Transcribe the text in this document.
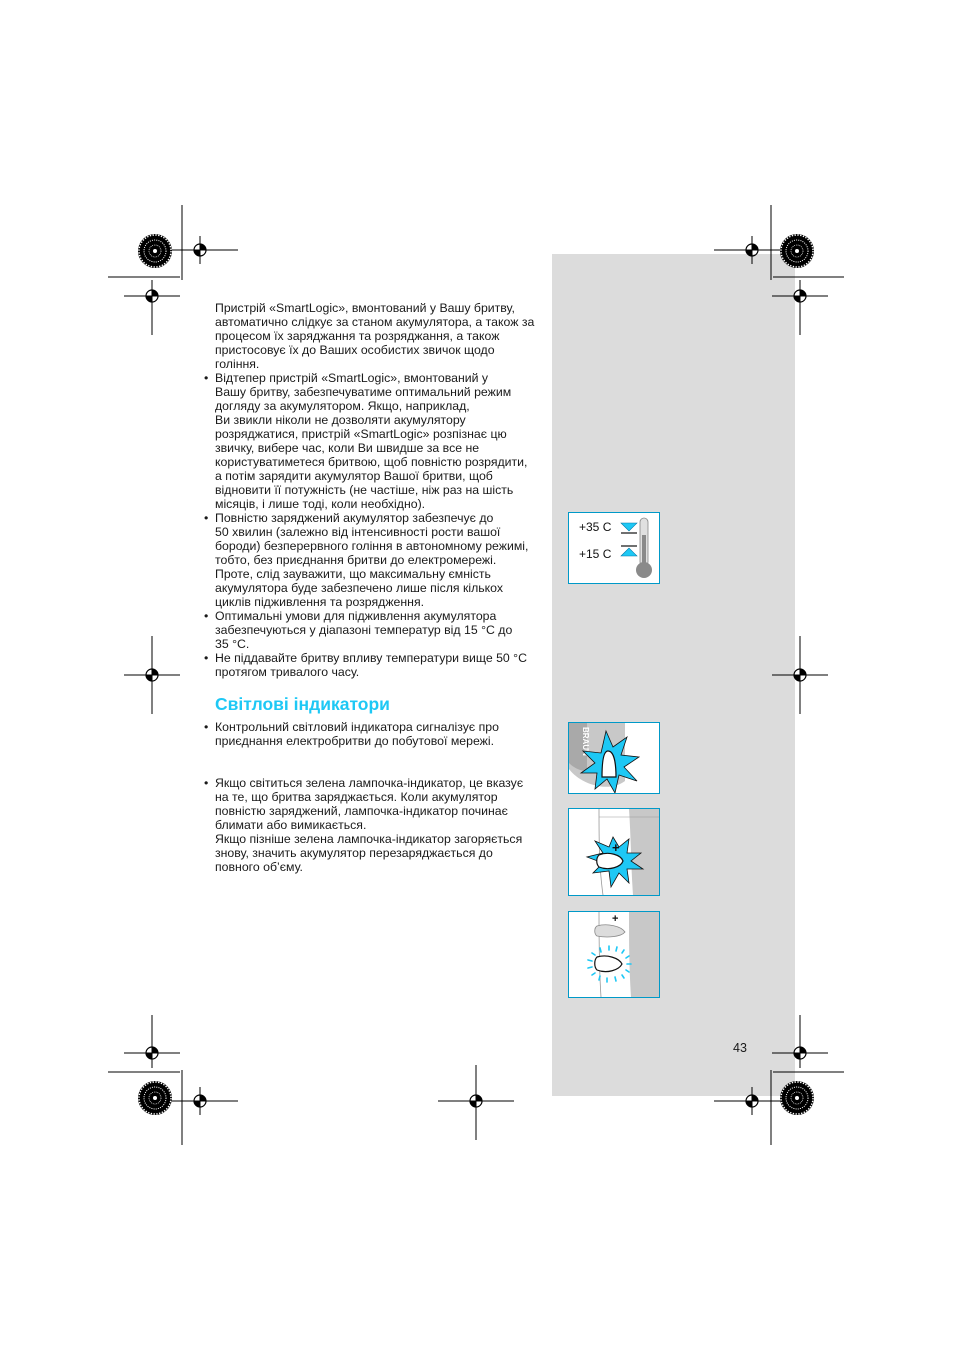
Пристрій «SmartLogic», вмонтований у Вашу бритву, автоматично слідкує за станом акумулятора, а також за процесом їх заряджання та розряджання, а також пристосовує їх до Ваших особистих звичок щодо гоління.

• Відтепер пристрій «SmartLogic», вмонтований у
Вашу бритву, забезпечуватиме оптимальний режим
догляду за акумулятором. Якщо, наприклад,
Ви звикли ніколи не дозволяти акумулятору
розряджатися, пристрій «SmartLogic» розпізнає цю
звичку, вибере час, коли Ви швидше за все не
користуватиметеся бритвою, щоб повністю розрядити,
а потім зарядити акумулятор Вашої бритви, щоб
відновити її потужність (не частіше, ніж раз на шість
місяців, і лише тоді, коли необхідно).
• Повністю заряджений акумулятор забезпечує до
50 хвилин (залежно від інтенсивності рости вашої
бороди) безперервного гоління в автономному режимі,
тобто, без приєднання бритви до електромережі.
Проте, слід зауважити, що максимальну ємність
акумулятора буде забезпечено лише після кількох
циклів підживлення та розрядження.
• Оптимальні умови для підживлення акумулятора
забезпечуються у діапазоні температур від 15 °C до
35 °C.
• Не піддавайте бритву впливу температури вище 50 °C
протягом тривалого часу.
Світлові індикатори
• Контрольний світловий індикатора сигналізує про
приєднання електробритви до побутової мережі.
• Якщо світиться зелена лампочка-індикатор, це вказує
на те, що бритва заряджається. Коли акумулятор
повністю заряджений, лампочка-індикатор починає
блимати або вимикається.
Якщо пізніше зелена лампочка-індикатор загоряється
знову, значить акумулятор перезаряджається до
повного об’єму.
+35 C
+15 C
BRAUN
+
+
43
